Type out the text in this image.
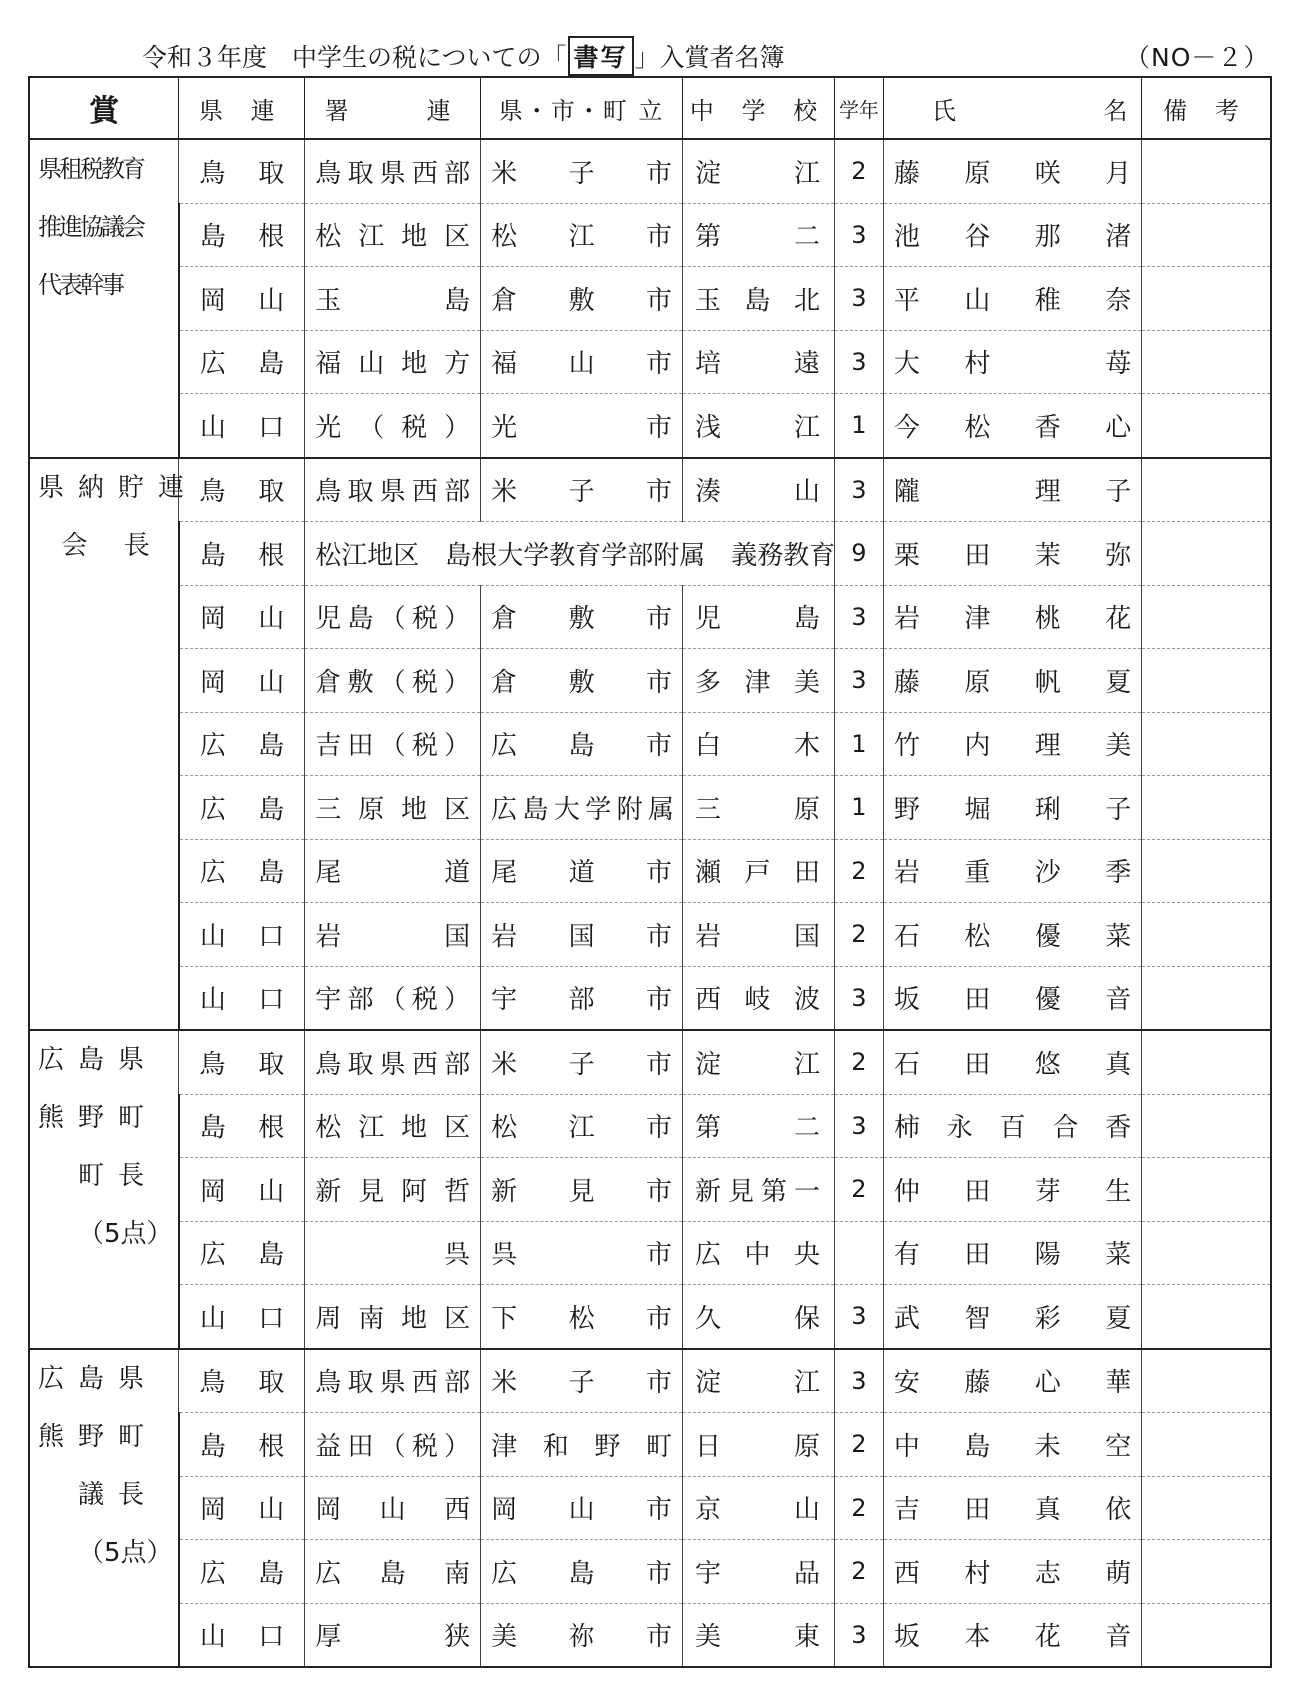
令和３年度　中学生の税についての「 書写 」入賞者名簿	（NO－２）
賞	県 連	署　　連	県・市・町 立	中 学 校	学年	氏 名	備 考

県租税教育
推進協議会
代表幹事	鳥取	鳥取県西部	米子市	淀江	2	藤原咲月	
	島根	松江地区	松江市	第二	3	池谷那渚	
	岡山	玉島	倉敷市	玉島北	3	平山稚奈	
	広島	福山地方	福山市	培遠	3	大村　苺	
	山口	光（税）	光　市	浅江	1	今松香心	

県納貯連
会 長	鳥取	鳥取県西部	米子市	湊山	3	隴　理子	
	島根	松江地区　島根大学教育学部附属　義務教育			9	栗田茉弥	
	岡山	児島（税）	倉敷市	児島	3	岩津桃花	
	岡山	倉敷（税）	倉敷市	多津美	3	藤原帆夏	
	広島	吉田（税）	広島市	白木	1	竹内理美	
	広島	三原地区	広島大学附属	三原	1	野堀琍子	
	広島	尾道	尾道市	瀬戸田	2	岩重沙季	
	山口	岩国	岩国市	岩国	2	石松優菜	
	山口	宇部（税）	宇部市	西岐波	3	坂田優音	

広島県
熊野町
町長
（5点）	鳥取	鳥取県西部	米子市	淀江	2	石田悠真	
	島根	松江地区	松江市	第二	3	柿永百合香	
	岡山	新見阿哲	新見市	新見第一	2	仲田芽生	
	広島	　呉　	呉　市	広中央		有田陽菜	
	山口	周南地区	下松市	久保	3	武智彩夏	

広島県
熊野町
議長
（5点）	鳥取	鳥取県西部	米子市	淀江	3	安藤心華	
	島根	益田（税）	津和野町	日原	2	中島未空	
	岡山	岡山西	岡山市	京山	2	吉田真依	
	広島	広島南	広島市	宇品	2	西村志萌	
	山口	厚狭	美祢市	美東	3	坂本花音	
